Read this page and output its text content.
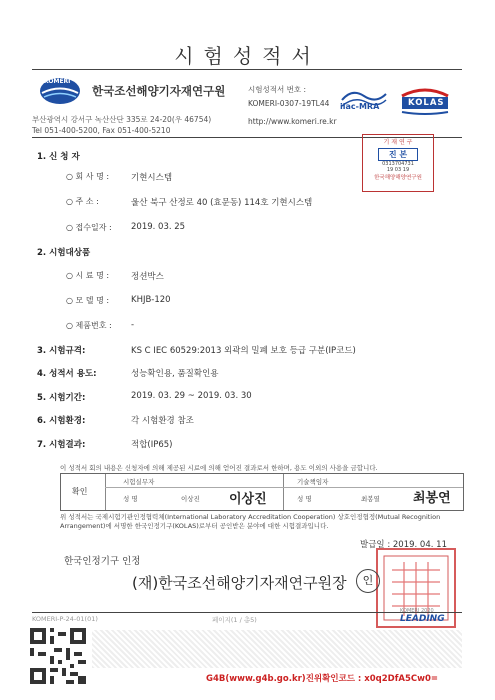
시험성적서
KOMERI
한국조선해양기자재연구원
부산광역시 강서구 녹산산단 335로 24-20(우 46754)
Tel 051-400-5200, Fax 051-400-5210
시험성적서 번호 :
KOMERI-0307-19TL44
http://www.komeri.re.kr
ilac-MRA	KOLAS
기 재 연 구
진 본
0313704731
19 03 19
한국해양해양연구원
1. 신 청 자
○ 회 사 명 :	기현시스템
○ 주 소 :	울산 북구 산정로 40 (효문동) 114호 기현시스템
○ 접수일자 : 2019. 03. 25
2. 시험대상품
○ 시 료 명 :	정션박스
○ 모 델 명 :	KHJB-120
○ 제품번호 : -
3. 시험규격:	KS C IEC 60529:2013 외곽의 밀폐 보호 등급 구분(IP코드)
4. 성적서 용도:	성능확인용, 품질확인용
5. 시험기간:	2019. 03. 29 ~ 2019. 03. 30
6. 시험환경:	각 시험환경 참조
7. 시험결과:	적합(IP65)
이 성적서 회의 내용은 신청자에 의해 제공된 시료에 의해 얻어진 결과로서 한하며, 용도 이외의 사용을 금합니다.
확인
시험실무자
성 명	이상진 이상진
기술책임자
성 명	최봉열	최봉연
위 성적서는 국제시험기관인정협력체(International Laboratory Accreditation Cooperation) 상호인정협정(Mutual Recognition Arrangement)에 서명한 한국인정기구(KOLAS)로부터 공인받은 분야에 대한 시험결과입니다.
발급일 : 2019. 04. 11
한국인정기구 인정
(재)한국조선해양기자재연구원장	인
KOMERI-P-24-01(01)	페이지(1 / 총5)
KOMERI 2020
LEADING
G4B(www.g4b.go.kr)진위확인코드 : x0q2DfA5Cw0=
